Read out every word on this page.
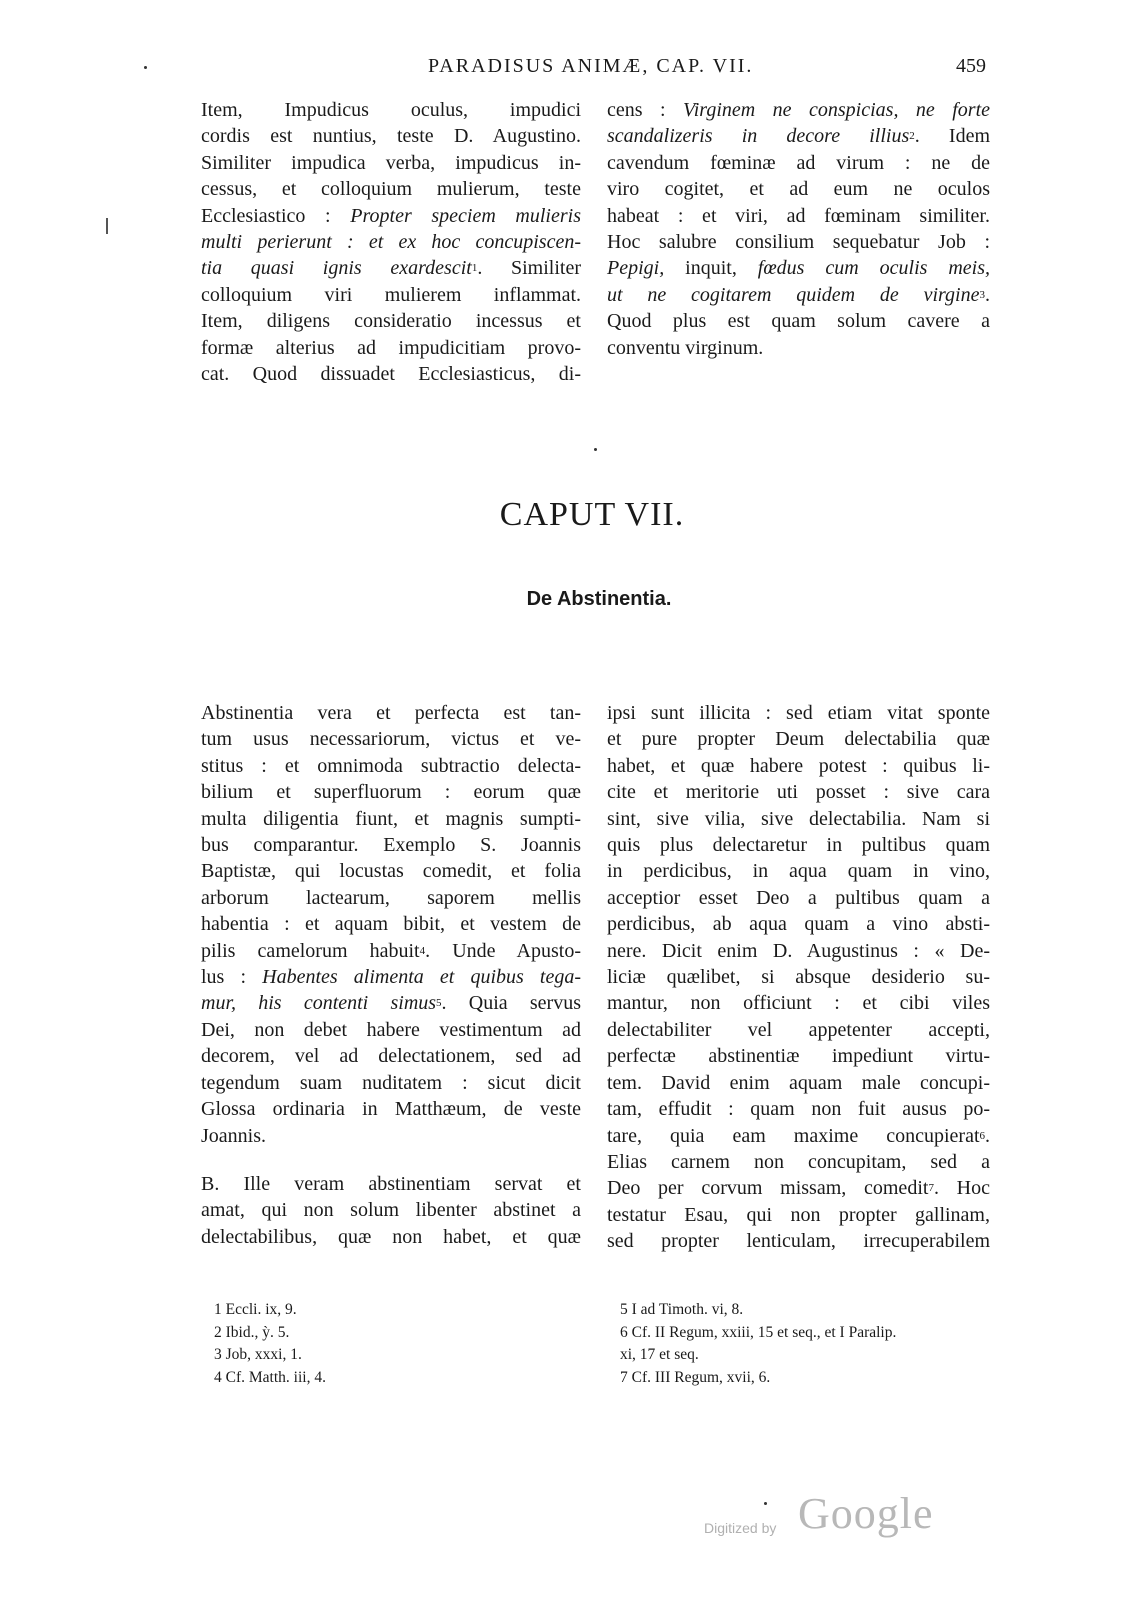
PARADISUS ANIMÆ, CAP. VII.	459
Item, Impudicus oculus, impudici
cordis est nuntius, teste D. Augustino.
Similiter impudica verba, impudicus in-
cessus, et colloquium mulierum, teste
Ecclesiastico : Propter speciem mulieris
multi perierunt : et ex hoc concupiscen-
tia quasi ignis exardescit$^1$. Similiter
colloquium viri mulierem inflammat.
Item, diligens consideratio incessus et
formæ alterius ad impudicitiam provo-
cat. Quod dissuadet Ecclesiasticus, di-
cens : Virginem ne conspicias, ne forte
scandalizeris in decore illius$^2$. Idem
cavendum fœminæ ad virum : ne de
viro cogitet, et ad eum ne oculos
habeat : et viri, ad fœminam similiter.
Hoc salubre consilium sequebatur Job :
Pepigi, inquit, fœdus cum oculis meis,
ut ne cogitarem quidem de virgine$^3$.
Quod plus est quam solum cavere a
conventu virginum.
CAPUT VII.
De Abstinentia.

Abstinentia vera et perfecta est tan-
tum usus necessariorum, victus et ve-
stitus : et omnimoda subtractio delecta-
bilium et superfluorum : eorum quæ
multa diligentia fiunt, et magnis sumpti-
bus comparantur. Exemplo S. Joannis
Baptistæ, qui locustas comedit, et folia
arborum lactearum, saporem mellis
habentia : et aquam bibit, et vestem de
pilis camelorum habuit$^4$. Unde Apusto-
lus : Habentes alimenta et quibus tega-
mur, his contenti simus$^5$. Quia servus
Dei, non debet habere vestimentum ad
decorem, vel ad delectationem, sed ad
tegendum suam nuditatem : sicut dicit
Glossa ordinaria in Matthæum, de veste
Joannis.

B. Ille veram abstinentiam servat et
amat, qui non solum libenter abstinet a
delectabilibus, quæ non habet, et quæ

ipsi sunt illicita : sed etiam vitat sponte
et pure propter Deum delectabilia quæ
habet, et quæ habere potest : quibus li-
cite et meritorie uti posset : sive cara
sint, sive vilia, sive delectabilia. Nam si
quis plus delectaretur in pultibus quam
in perdicibus, in aqua quam in vino,
acceptior esset Deo a pultibus quam a
perdicibus, ab aqua quam a vino absti-
nere. Dicit enim D. Augustinus : « De-
liciæ quælibet, si absque desiderio su-
mantur, non officiunt : et cibi viles
delectabiliter vel appetenter accepti,
perfectæ abstinentiæ impediunt virtu-
tem. David enim aquam male concupi-
tam, effudit : quam non fuit ausus po-
tare, quia eam maxime concupierat$^6$.
Elias carnem non concupitam, sed a
Deo per corvum missam, comedit$^7$. Hoc
testatur Esau, qui non propter gallinam,
sed propter lenticulam, irrecuperabilem
1 Eccli. ix, 9.
2 Ibid., ỳ. 5.
3 Job, xxxi, 1.
4 Cf. Matth. iii, 4.
5 I ad Timoth. vi, 8.
6 Cf. II Regum, xxiii, 15 et seq., et I Paralip.
xi, 17 et seq.
7 Cf. III Regum, xvii, 6.
Digitized by Google
